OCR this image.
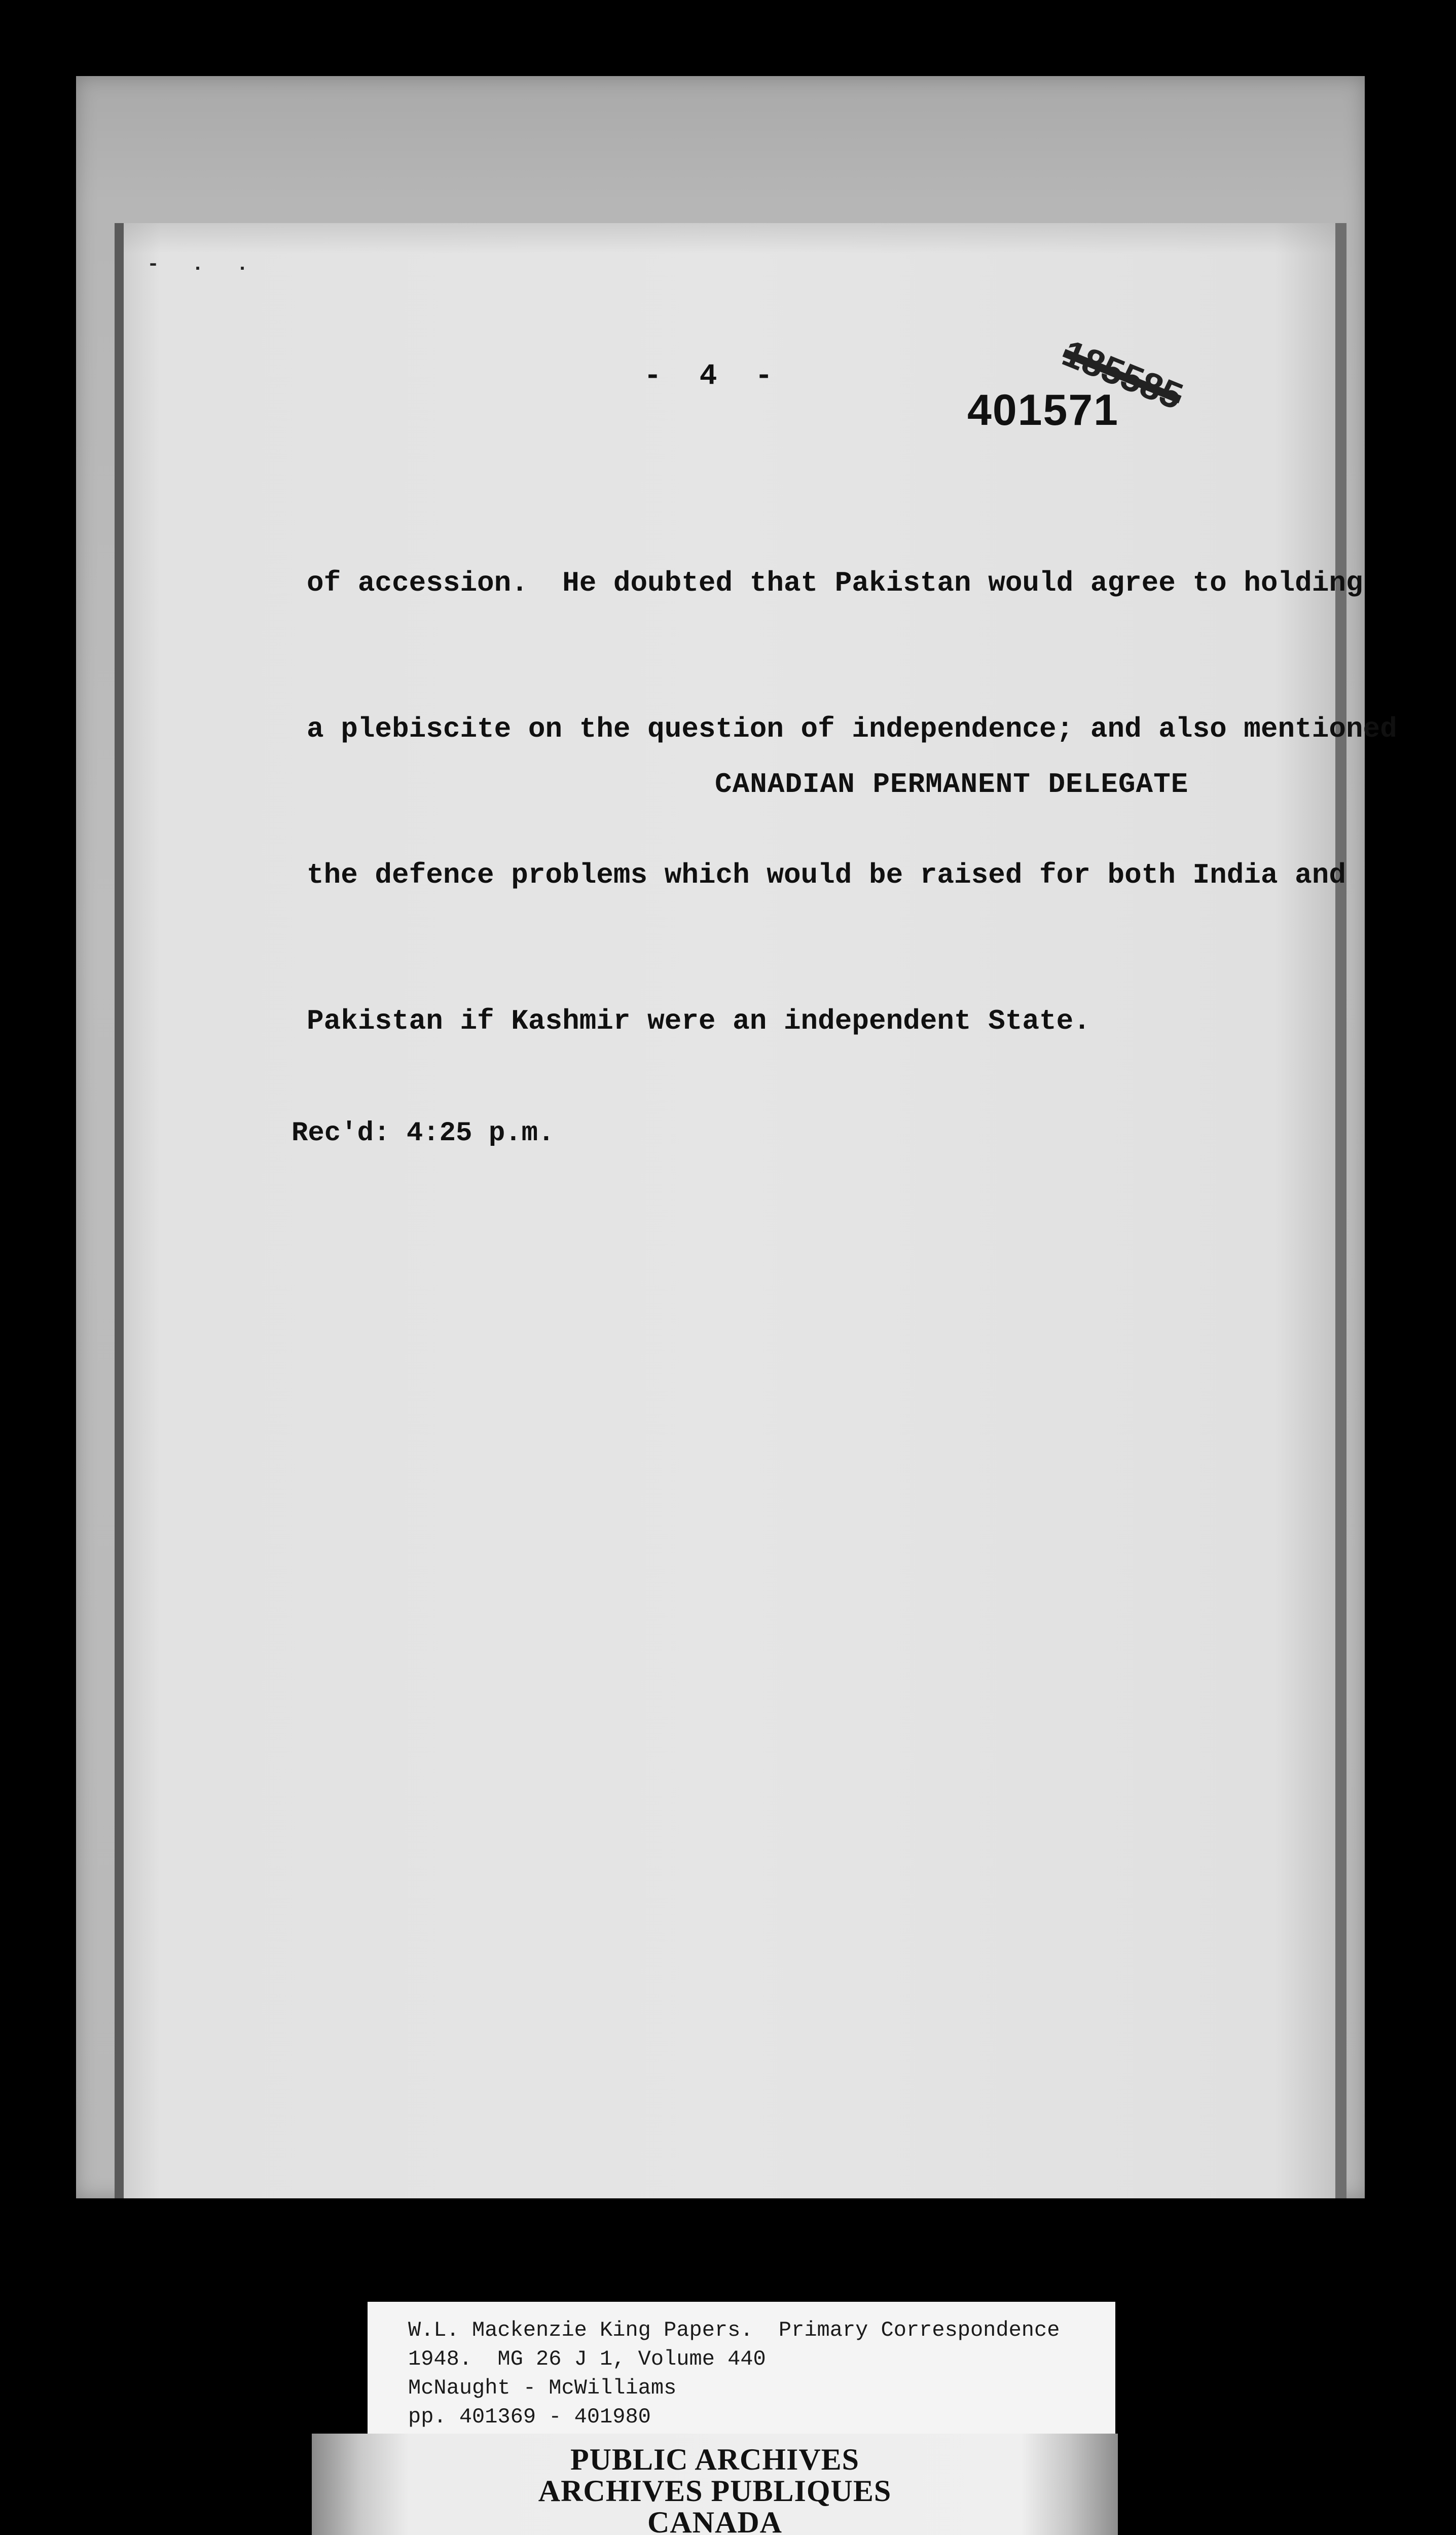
- . .
- 4 -	185585
401571

of accession.  He doubted that Pakistan would agree to holding

a plebiscite on the question of independence; and also mentioned

the defence problems which would be raised for both India and

Pakistan if Kashmir were an independent State.

CANADIAN PERMANENT DELEGATE
Rec'd: 4:25 p.m.
W.L. Mackenzie King Papers.  Primary Correspondence
1948.  MG 26 J 1, Volume 440
McNaught - McWilliams
pp. 401369 - 401980
PUBLIC ARCHIVES
ARCHIVES PUBLIQUES
CANADA
